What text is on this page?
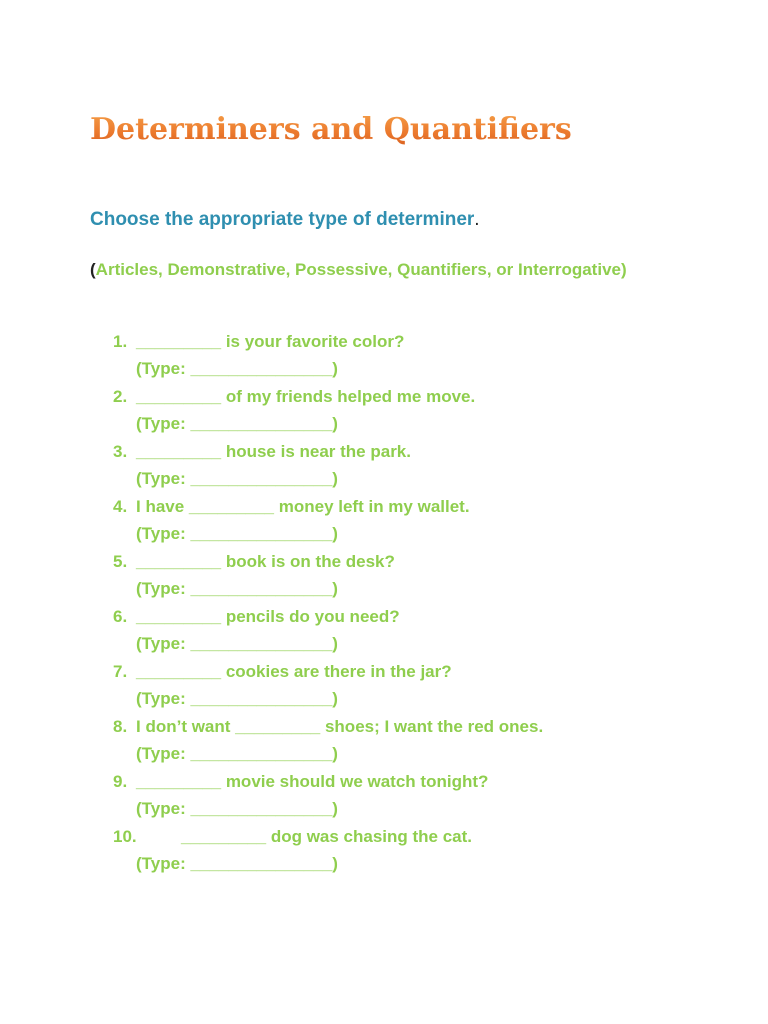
Determiners and Quantifiers

Choose the appropriate type of determiner.

(Articles, Demonstrative, Possessive, Quantifiers, or Interrogative)

1. _________ is your favorite color?
(Type: _______________)
2. _________ of my friends helped me move.
(Type: _______________)
3. _________ house is near the park.
(Type: _______________)
4. I have _________ money left in my wallet.
(Type: _______________)
5. _________ book is on the desk?
(Type: _______________)
6. _________ pencils do you need?
(Type: _______________)
7. _________ cookies are there in the jar?
(Type: _______________)
8. I don’t want _________ shoes; I want the red ones.
(Type: _______________)
9. _________ movie should we watch tonight?
(Type: _______________)
10.	_________ dog was chasing the cat.
(Type: _______________)
